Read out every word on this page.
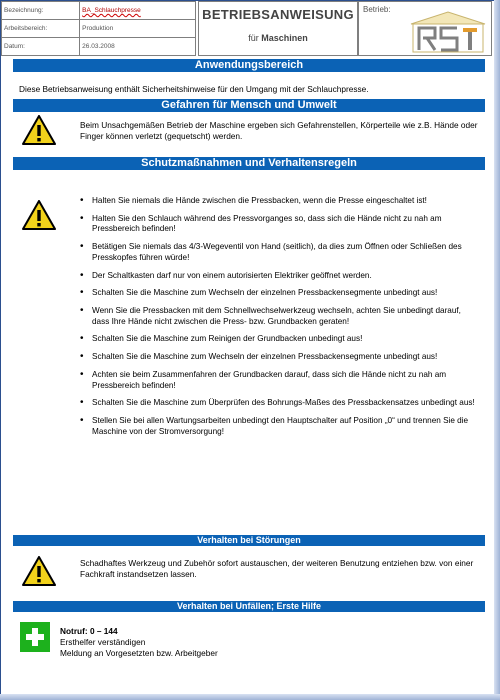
Bezeichnung:	BA_Schlauchpresse
Arbeitsbereich:	Produktion
Datum:	26.03.2008
BETRIEBSANWEISUNG
für Maschinen
Betrieb:
Anwendungsbereich
Diese Betriebsanweisung enthält Sicherheitshinweise für den Umgang mit der Schlauchpresse.
Gefahren für Mensch und Umwelt
Beim Unsachgemäßen Betrieb der Maschine ergeben sich Gefahrenstellen, Körperteile wie z.B. Hände oder Finger können verletzt (gequetscht) werden.
Schutzmaßnahmen und Verhaltensregeln
• Halten Sie niemals die Hände zwischen die Pressbacken, wenn die Presse eingeschaltet ist!
• Halten Sie den Schlauch während des Pressvorganges so, dass sich die Hände nicht zu nah am Pressbereich befinden!
• Betätigen Sie niemals das 4/3-Wegeventil von Hand (seitlich), da dies zum Öffnen oder Schließen des Presskopfes führen würde!
• Der Schaltkasten darf nur von einem autorisierten Elektriker geöffnet werden.
• Schalten Sie die Maschine zum Wechseln der einzelnen Pressbackensegmente unbedingt aus!
• Wenn Sie die Pressbacken mit dem Schnellwechselwerkzeug wechseln, achten Sie unbedingt darauf, dass Ihre Hände nicht zwischen die Press- bzw. Grundbacken geraten!
• Schalten Sie die Maschine zum Reinigen der Grundbacken unbedingt aus!
• Schalten Sie die Maschine zum Wechseln der einzelnen Pressbackensegmente unbedingt aus!
• Achten sie beim Zusammenfahren der Grundbacken darauf, dass sich die Hände nicht zu nah am Pressbereich befinden!
• Schalten Sie die Maschine zum Überprüfen des Bohrungs-Maßes des Pressbackensatzes unbedingt aus!
• Stellen Sie bei allen Wartungsarbeiten unbedingt den Hauptschalter auf Position „0“ und trennen Sie die Maschine von der Stromversorgung!
Verhalten bei Störungen
Schadhaftes Werkzeug und Zubehör sofort austauschen, der weiteren Benutzung entziehen bzw. von einer Fachkraft instandsetzen lassen.
Verhalten bei Unfällen; Erste Hilfe
Notruf: 0 – 144
Ersthelfer verständigen
Meldung an Vorgesetzten bzw. Arbeitgeber
